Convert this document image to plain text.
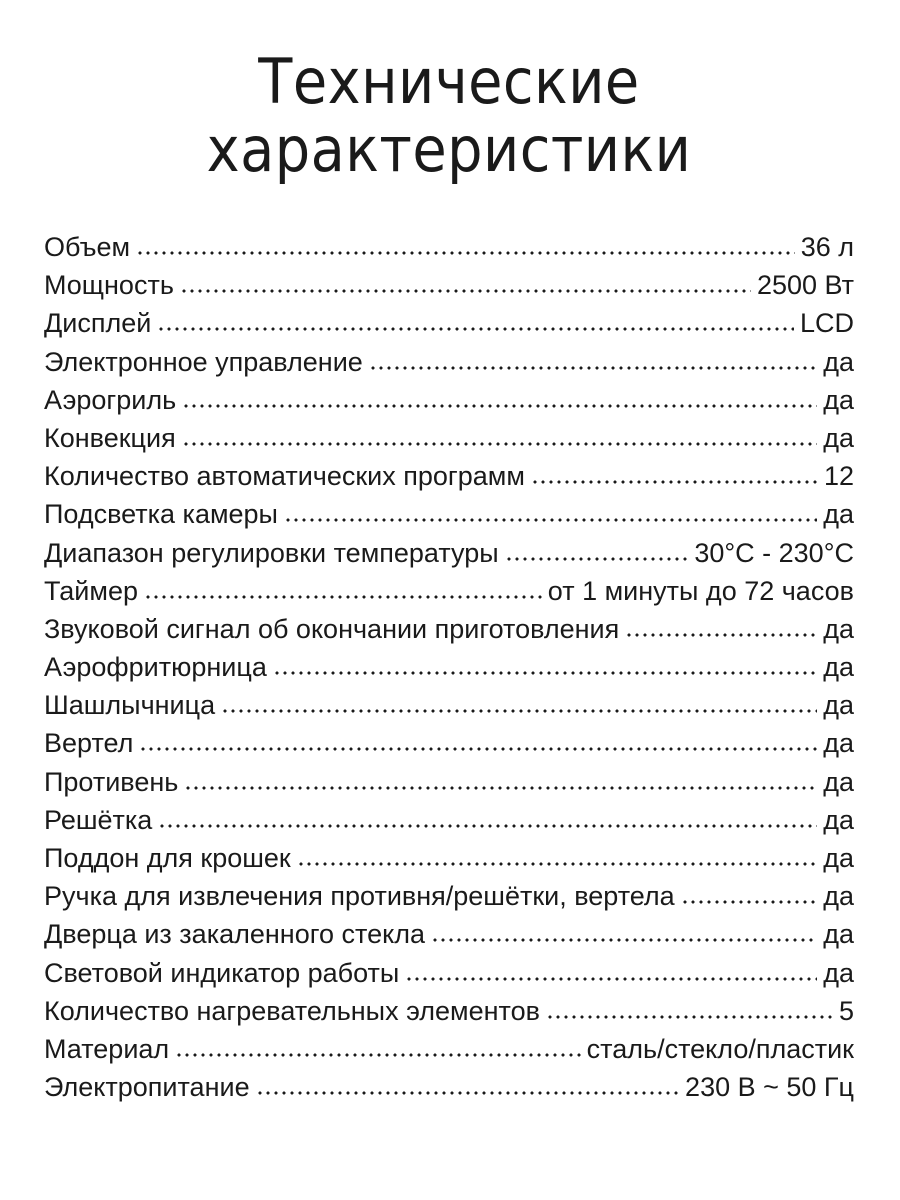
Технические
характеристики
Объем	36 л
Мощность	2500 Вт
Дисплей	LCD
Электронное управление	да
Аэрогриль	да
Конвекция	да
Количество автоматических программ	12
Подсветка камеры	да
Диапазон регулировки температуры	30°C - 230°C
Таймер	от 1 минуты до 72 часов
Звуковой сигнал об окончании приготовления	да
Аэрофритюрница	да
Шашлычница	да
Вертел	да
Противень	да
Решётка	да
Поддон для крошек	да
Ручка для извлечения противня/решётки, вертела	да
Дверца из закаленного стекла	да
Световой индикатор работы	да
Количество нагревательных элементов	5
Материал	сталь/стекло/пластик
Электропитание	230 В ~ 50 Гц
